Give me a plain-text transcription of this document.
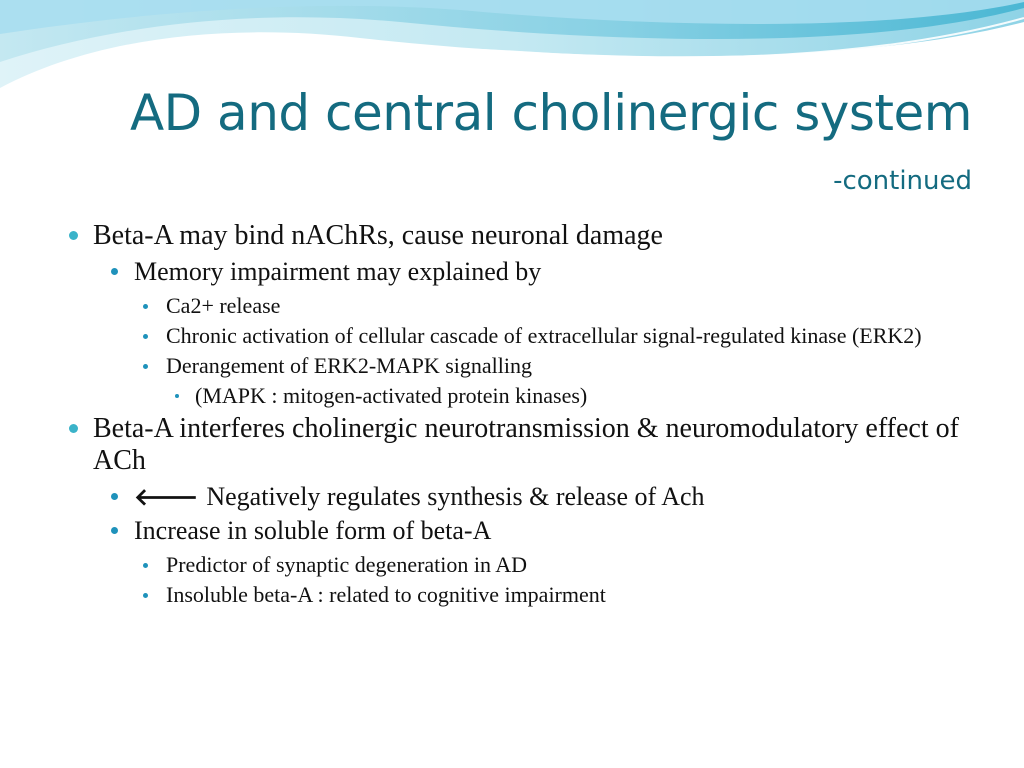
AD and central cholinergic system
-continued
Beta-A may bind nAChRs, cause neuronal damage
Memory impairment may explained by
Ca2+ release
Chronic activation of cellular cascade of extracellular signal-regulated kinase (ERK2)
Derangement of ERK2-MAPK signalling
(MAPK : mitogen-activated protein kinases)
Beta-A interferes cholinergic neurotransmission & neuromodulatory effect of ACh
🡐 Negatively regulates synthesis & release of Ach
Increase in soluble form of beta-A
Predictor of synaptic degeneration in AD
Insoluble beta-A : related to cognitive impairment
